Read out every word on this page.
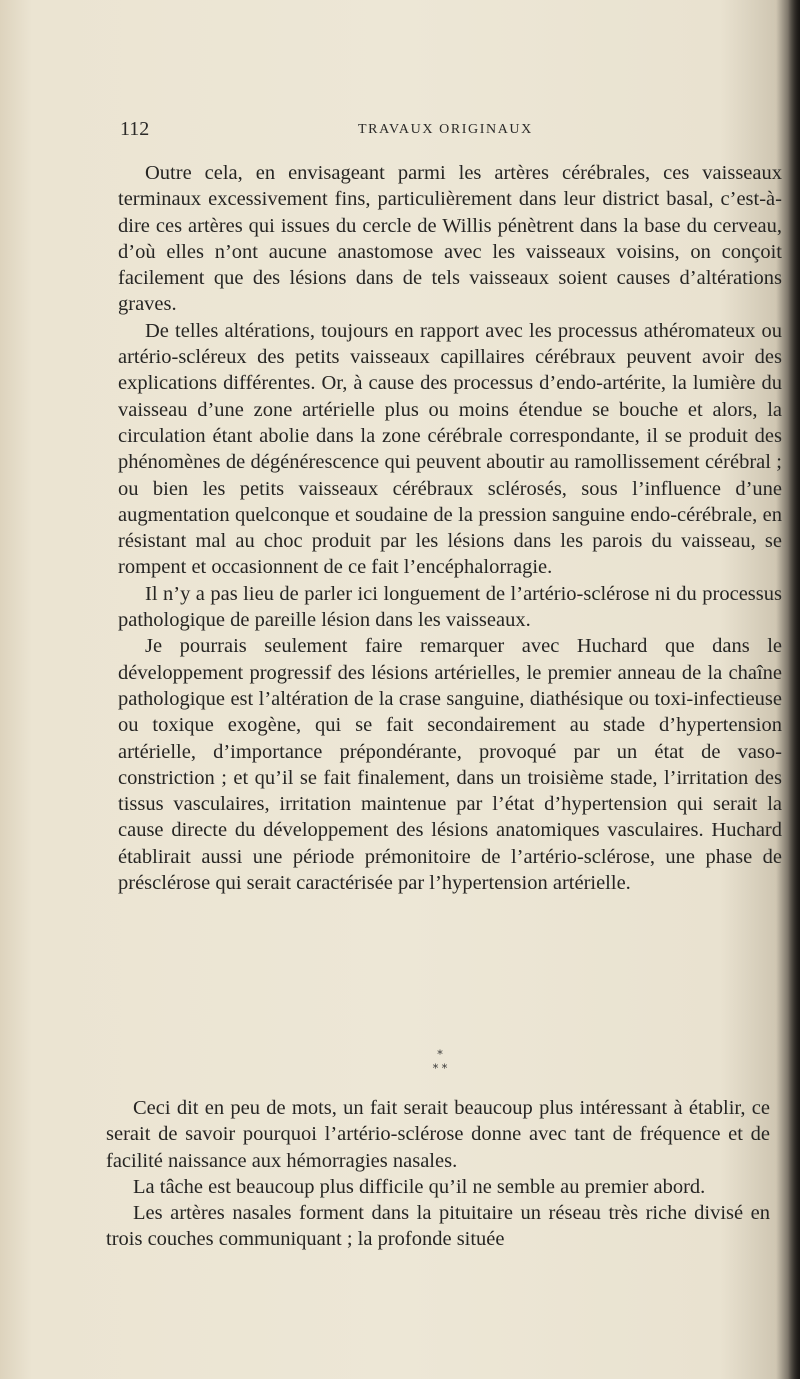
112	TRAVAUX ORIGINAUX

Outre cela, en envisageant parmi les artères cérébrales, ces vaisseaux terminaux excessivement fins, particulièrement dans leur district basal, c’est-à-dire ces artères qui issues du cercle de Willis pénètrent dans la base du cerveau, d’où elles n’ont aucune anastomose avec les vaisseaux voisins, on conçoit facilement que des lésions dans de tels vaisseaux soient causes d’altérations graves.

De telles altérations, toujours en rapport avec les processus athéromateux ou artério-scléreux des petits vaisseaux capillaires cérébraux peuvent avoir des explications différentes. Or, à cause des processus d’endo-artérite, la lumière du vaisseau d’une zone artérielle plus ou moins étendue se bouche et alors, la circulation étant abolie dans la zone cérébrale correspondante, il se produit des phénomènes de dégénérescence qui peuvent aboutir au ramollissement cérébral ; ou bien les petits vaisseaux cérébraux sclérosés, sous l’influence d’une augmentation quelconque et soudaine de la pression sanguine endo-cérébrale, en résistant mal au choc produit par les lésions dans les parois du vaisseau, se rompent et occasionnent de ce fait l’encéphalorragie.

Il n’y a pas lieu de parler ici longuement de l’artério-sclérose ni du processus pathologique de pareille lésion dans les vaisseaux.

Je pourrais seulement faire remarquer avec Huchard que dans le développement progressif des lésions artérielles, le premier anneau de la chaîne pathologique est l’altération de la crase sanguine, diathésique ou toxi-infectieuse ou toxique exogène, qui se fait secondairement au stade d’hypertension artérielle, d’importance prépondérante, provoqué par un état de vaso-constriction ; et qu’il se fait finalement, dans un troisième stade, l’irritation des tissus vasculaires, irritation maintenue par l’état d’hypertension qui serait la cause directe du développement des lésions anatomiques vasculaires. Huchard établirait aussi une période prémonitoire de l’artério-sclérose, une phase de présclérose qui serait caractérisée par l’hypertension artérielle.

*
* *

Ceci dit en peu de mots, un fait serait beaucoup plus intéressant à établir, ce serait de savoir pourquoi l’artério-sclérose donne avec tant de fréquence et de facilité naissance aux hémorragies nasales.

La tâche est beaucoup plus difficile qu’il ne semble au premier abord.

Les artères nasales forment dans la pituitaire un réseau très riche divisé en trois couches communiquant ; la profonde située
